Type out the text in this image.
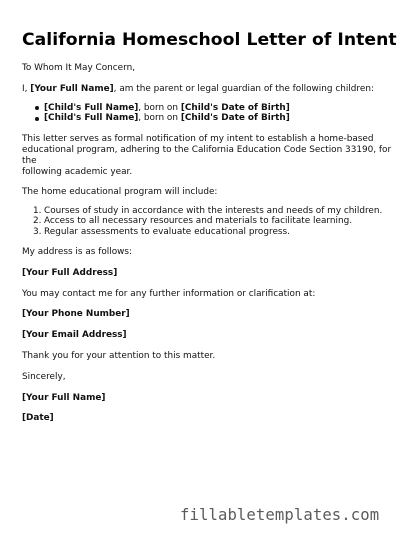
California Homeschool Letter of Intent
To Whom It May Concern,
I, [Your Full Name], am the parent or legal guardian of the following children:
[Child's Full Name], born on [Child's Date of Birth]
[Child's Full Name], born on [Child's Date of Birth]
This letter serves as formal notification of my intent to establish a home-based
educational program, adhering to the California Education Code Section 33190, for the
following academic year.
The home educational program will include:
1. Courses of study in accordance with the interests and needs of my children.
2. Access to all necessary resources and materials to facilitate learning.
3. Regular assessments to evaluate educational progress.
My address is as follows:
[Your Full Address]
You may contact me for any further information or clarification at:
[Your Phone Number]
[Your Email Address]
Thank you for your attention to this matter.
Sincerely,
[Your Full Name]
[Date]
fillabletemplates.com
